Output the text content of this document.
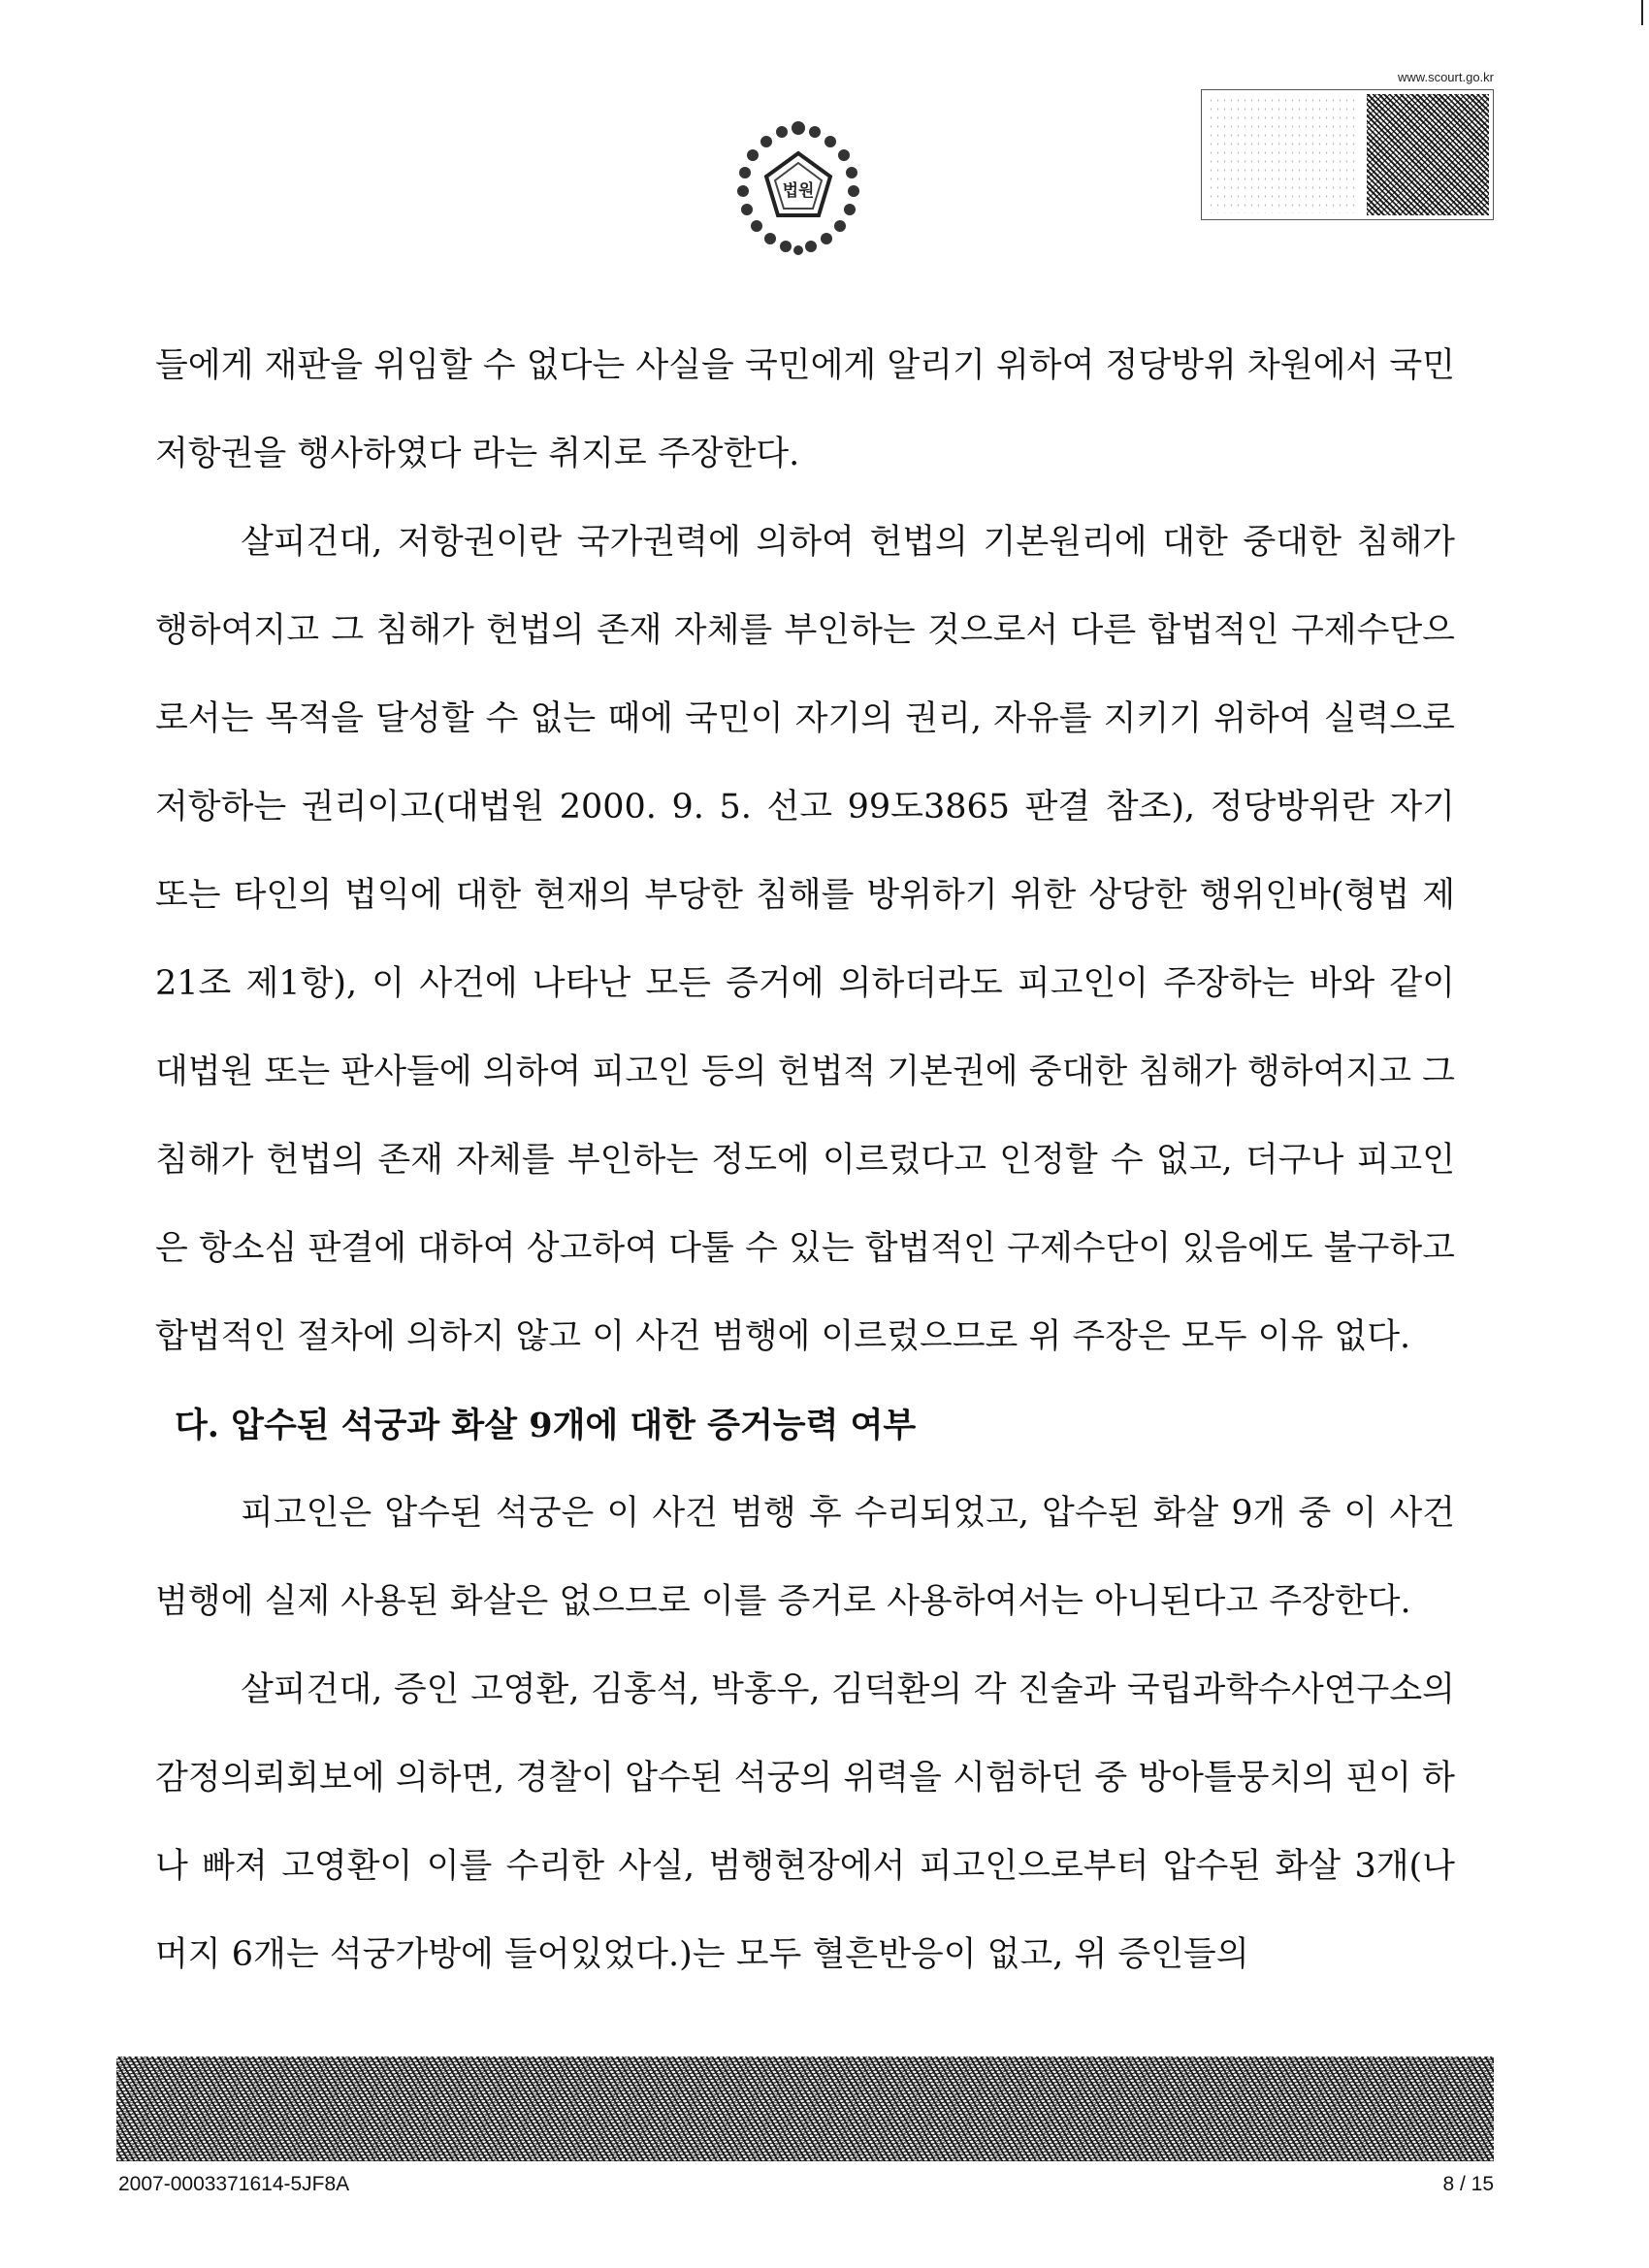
법원
www.scourt.go.kr

들에게 재판을 위임할 수 없다는 사실을 국민에게 알리기 위하여 정당방위 차원에서 국민저항권을 행사하였다 라는 취지로 주장한다.

살피건대, 저항권이란 국가권력에 의하여 헌법의 기본원리에 대한 중대한 침해가 행하여지고 그 침해가 헌법의 존재 자체를 부인하는 것으로서 다른 합법적인 구제수단으로서는 목적을 달성할 수 없는 때에 국민이 자기의 권리, 자유를 지키기 위하여 실력으로 저항하는 권리이고(대법원 2000. 9. 5. 선고 99도3865 판결 참조), 정당방위란 자기 또는 타인의 법익에 대한 현재의 부당한 침해를 방위하기 위한 상당한 행위인바(형법 제21조 제1항), 이 사건에 나타난 모든 증거에 의하더라도 피고인이 주장하는 바와 같이 대법원 또는 판사들에 의하여 피고인 등의 헌법적 기본권에 중대한 침해가 행하여지고 그 침해가 헌법의 존재 자체를 부인하는 정도에 이르렀다고 인정할 수 없고, 더구나 피고인은 항소심 판결에 대하여 상고하여 다툴 수 있는 합법적인 구제수단이 있음에도 불구하고 합법적인 절차에 의하지 않고 이 사건 범행에 이르렀으므로 위 주장은 모두 이유 없다.

다. 압수된 석궁과 화살 9개에 대한 증거능력 여부

피고인은 압수된 석궁은 이 사건 범행 후 수리되었고, 압수된 화살 9개 중 이 사건 범행에 실제 사용된 화살은 없으므로 이를 증거로 사용하여서는 아니된다고 주장한다.

살피건대, 증인 고영환, 김홍석, 박홍우, 김덕환의 각 진술과 국립과학수사연구소의 감정의뢰회보에 의하면, 경찰이 압수된 석궁의 위력을 시험하던 중 방아틀뭉치의 핀이 하나 빠져 고영환이 이를 수리한 사실, 범행현장에서 피고인으로부터 압수된 화살 3개(나머지 6개는 석궁가방에 들어있었다.)는 모두 혈흔반응이 없고, 위 증인들의

2007-0003371614-5JF8A	8 / 15
